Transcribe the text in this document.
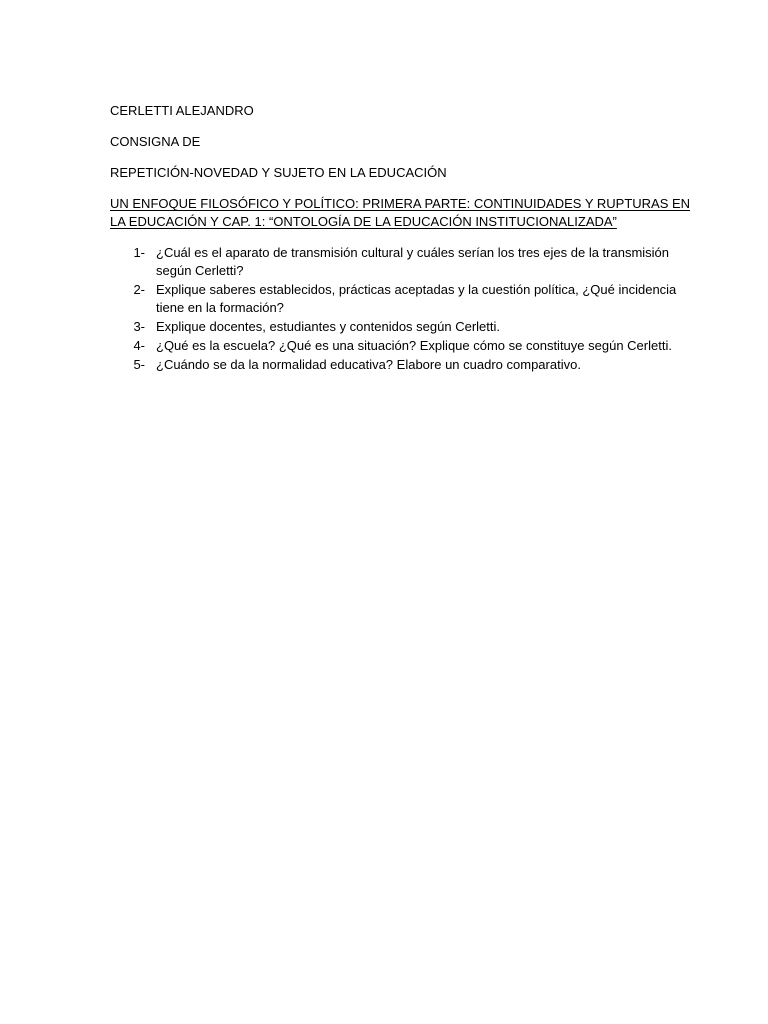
CERLETTI ALEJANDRO

CONSIGNA DE

REPETICIÓN-NOVEDAD Y SUJETO EN LA EDUCACIÓN

UN ENFOQUE FILOSÓFICO Y POLÍTICO: PRIMERA PARTE: CONTINUIDADES Y RUPTURAS EN LA EDUCACIÓN Y CAP. 1: “ONTOLOGÍA DE LA EDUCACIÓN INSTITUCIONALIZADA”

1- ¿Cuál es el aparato de transmisión cultural y cuáles serían los tres ejes de la transmisión según Cerletti?
2- Explique saberes establecidos, prácticas aceptadas y la cuestión política, ¿Qué incidencia tiene en la formación?
3- Explique docentes, estudiantes y contenidos según Cerletti.
4- ¿Qué es la escuela? ¿Qué es una situación? Explique cómo se constituye según Cerletti.
5- ¿Cuándo se da la normalidad educativa? Elabore un cuadro comparativo.
